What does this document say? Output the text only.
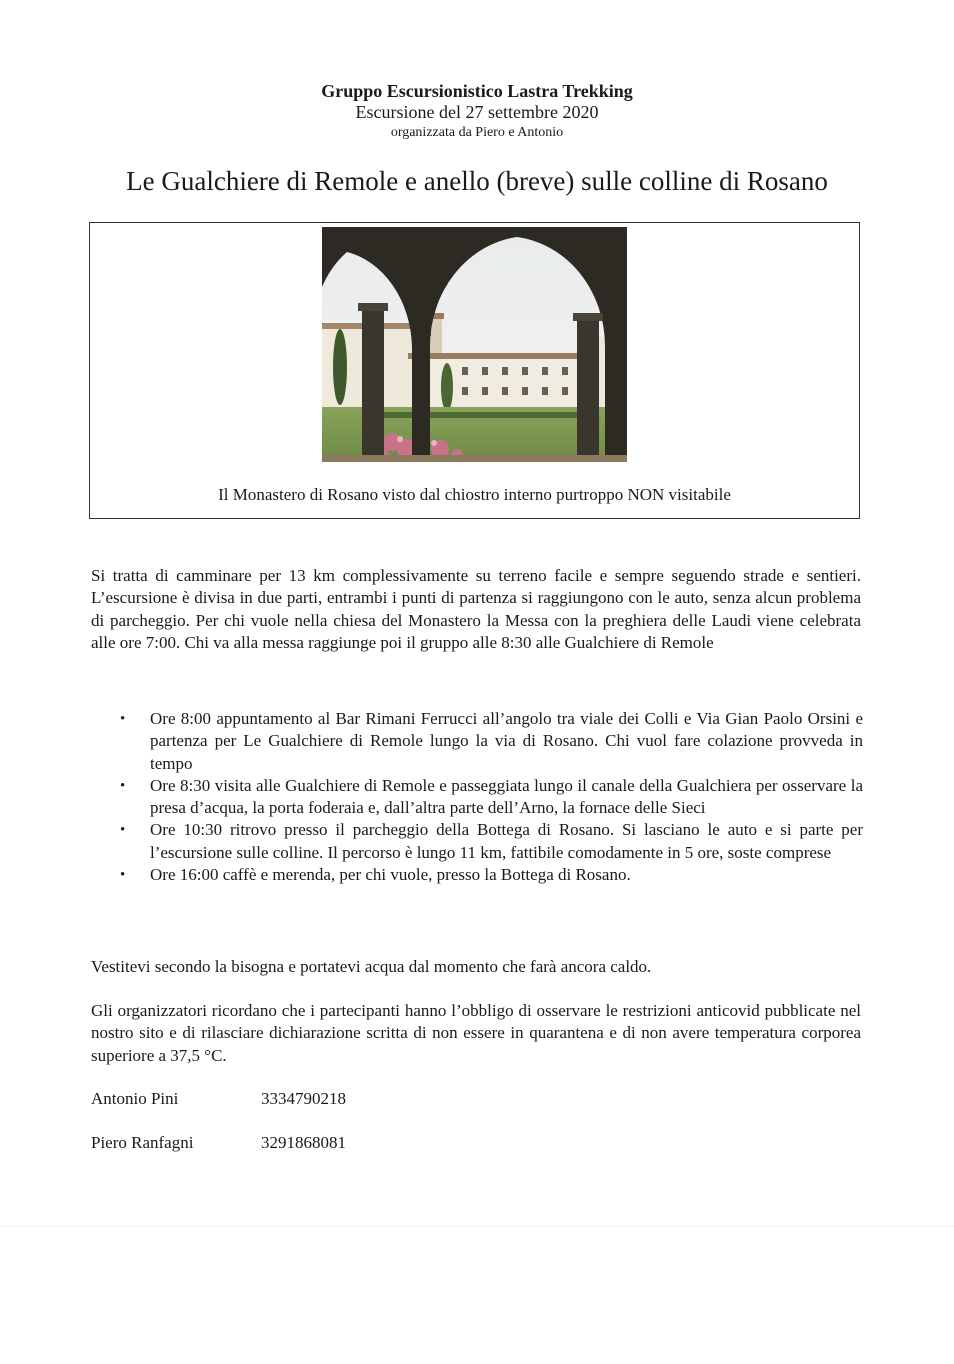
Gruppo Escursionistico Lastra Trekking
Escursione del 27 settembre 2020
organizzata da Piero e Antonio
Le Gualchiere di Remole e anello (breve) sulle colline di Rosano
Il Monastero di Rosano visto dal chiostro interno purtroppo NON visitabile
Si tratta di camminare per 13 km complessivamente su terreno facile e sempre seguendo strade e sentieri. L’escursione è divisa in due parti, entrambi i punti di partenza si raggiungono con le auto, senza alcun problema di parcheggio. Per chi vuole nella chiesa del Monastero la Messa con la preghiera delle Laudi viene celebrata alle ore 7:00. Chi va alla messa raggiunge poi il gruppo alle 8:30 alle Gualchiere di Remole
• Ore 8:00 appuntamento al Bar Rimani Ferrucci all’angolo tra viale dei Colli e Via Gian Paolo Orsini e partenza per Le Gualchiere di Remole lungo la via di Rosano. Chi vuol fare colazione provveda in tempo
• Ore 8:30 visita alle Gualchiere di Remole e passeggiata lungo il canale della Gualchiera per osservare la presa d’acqua, la porta foderaia e, dall’altra parte dell’Arno, la fornace delle Sieci
• Ore 10:30 ritrovo presso il parcheggio della Bottega di Rosano. Si lasciano le auto e si parte per l’escursione sulle colline. Il percorso è lungo 11 km, fattibile comodamente in 5 ore, soste comprese
• Ore 16:00 caffè e merenda, per chi vuole, presso la Bottega di Rosano.
Vestitevi secondo la bisogna e portatevi acqua dal momento che farà ancora caldo.
Gli organizzatori ricordano che i partecipanti hanno l’obbligo di osservare le restrizioni anticovid pubblicate nel nostro sito e di rilasciare dichiarazione scritta di non essere in quarantena e di non avere temperatura corporea superiore a 37,5 °C.
Antonio Pini	3334790218
Piero Ranfagni	3291868081
